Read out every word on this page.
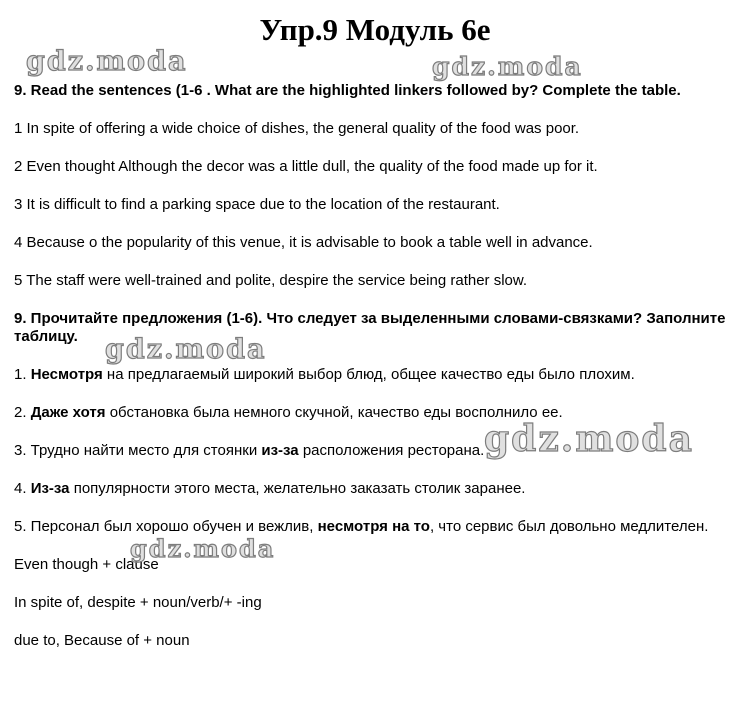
Упр.9 Модуль 6е

9. Read the sentences (1-6 . What are the highlighted linkers followed by? Complete the table.

1 In spite of offering a wide choice of dishes, the general quality of the food was poor.

2 Even thought Although the decor was a little dull, the quality of the food made up for it.

3 It is difficult to find a parking space due to the location of the restaurant.

4 Because o the popularity of this venue, it is advisable to book a table well in advance.

5 The staff were well-trained and polite, despire the service being rather slow.

9. Прочитайте предложения (1-6). Что следует за выделенными словами-связками? Заполните таблицу.

1. Несмотря на предлагаемый широкий выбор блюд, общее качество еды было плохим.

2. Даже хотя обстановка была немного скучной, качество еды восполнило ее.

3. Трудно найти место для стоянки из-за расположения ресторана.

4. Из-за популярности этого места, желательно заказать столик заранее.

5. Персонал был хорошо обучен и вежлив, несмотря на то, что сервис был довольно медлителен.

Even though + clause

In spite of, despite + noun/verb/+ -ing

due to, Because of + noun

gdz.moda	gdz.moda
gdz.moda
gdz.moda
gdz.moda
